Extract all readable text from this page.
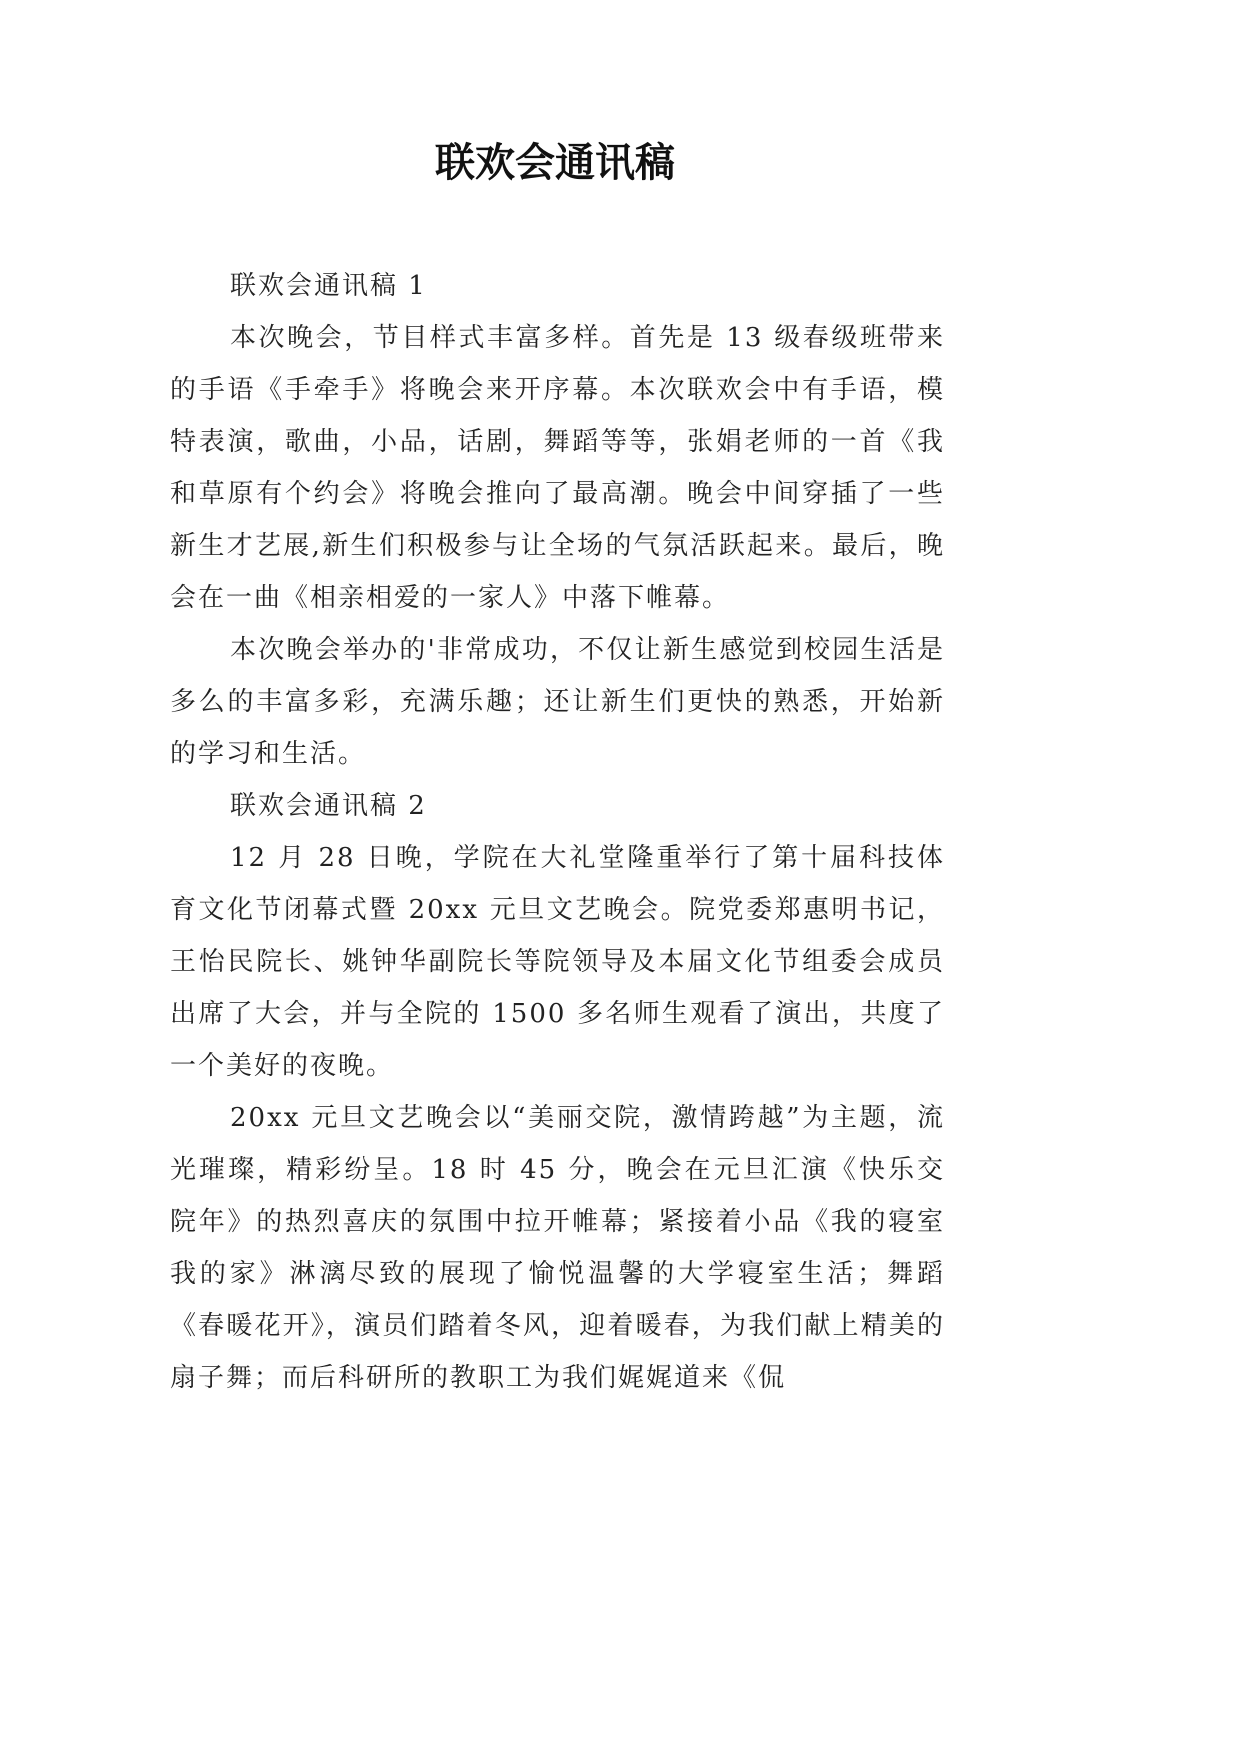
联欢会通讯稿

联欢会通讯稿 1

本次晚会，节目样式丰富多样。首先是 13 级春级班带来的手语《手牵手》将晚会来开序幕。本次联欢会中有手语，模特表演，歌曲，小品，话剧，舞蹈等等，张娟老师的一首《我和草原有个约会》将晚会推向了最高潮。晚会中间穿插了一些新生才艺展,新生们积极参与让全场的气氛活跃起来。最后，晚会在一曲《相亲相爱的一家人》中落下帷幕。

本次晚会举办的'非常成功，不仅让新生感觉到校园生活是多么的丰富多彩，充满乐趣；还让新生们更快的熟悉，开始新的学习和生活。

联欢会通讯稿 2

12 月 28 日晚，学院在大礼堂隆重举行了第十届科技体育文化节闭幕式暨 20xx 元旦文艺晚会。院党委郑惠明书记，王怡民院长、姚钟华副院长等院领导及本届文化节组委会成员出席了大会，并与全院的 1500 多名师生观看了演出，共度了一个美好的夜晚。

20xx 元旦文艺晚会以“美丽交院，激情跨越”为主题，流光璀璨，精彩纷呈。18 时 45 分，晚会在元旦汇演《快乐交院年》的热烈喜庆的氛围中拉开帷幕；紧接着小品《我的寝室我的家》淋漓尽致的展现了愉悦温馨的大学寝室生活；舞蹈《春暖花开》，演员们踏着冬风，迎着暖春，为我们献上精美的扇子舞；而后科研所的教职工为我们娓娓道来《侃
